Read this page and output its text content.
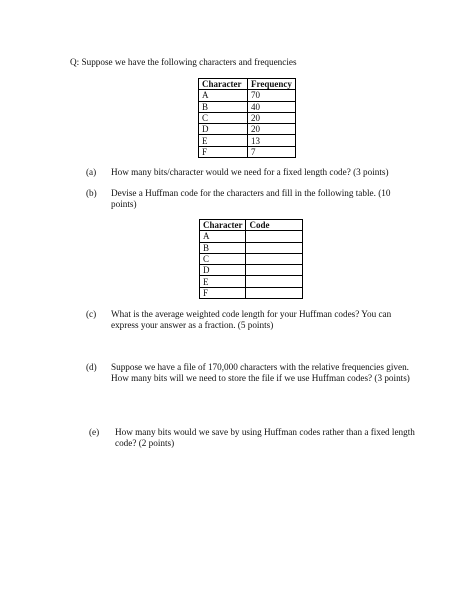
Q: Suppose we have the following characters and frequencies
Character	Frequency
A	70
B	40
C	20
D	20
E	13
F	7
(a) How many bits/character would we need for a fixed length code? (3 points)
(b) Devise a Huffman code for the characters and fill in the following table. (10 points)
Character	Code
A	
B	
C	
D	
E	
F	
(c) What is the average weighted code length for your Huffman codes? You can express your answer as a fraction. (5 points)
(d) Suppose we have a file of 170,000 characters with the relative frequencies given. How many bits will we need to store the file if we use Huffman codes? (3 points)
(e) How many bits would we save by using Huffman codes rather than a fixed length code? (2 points)
